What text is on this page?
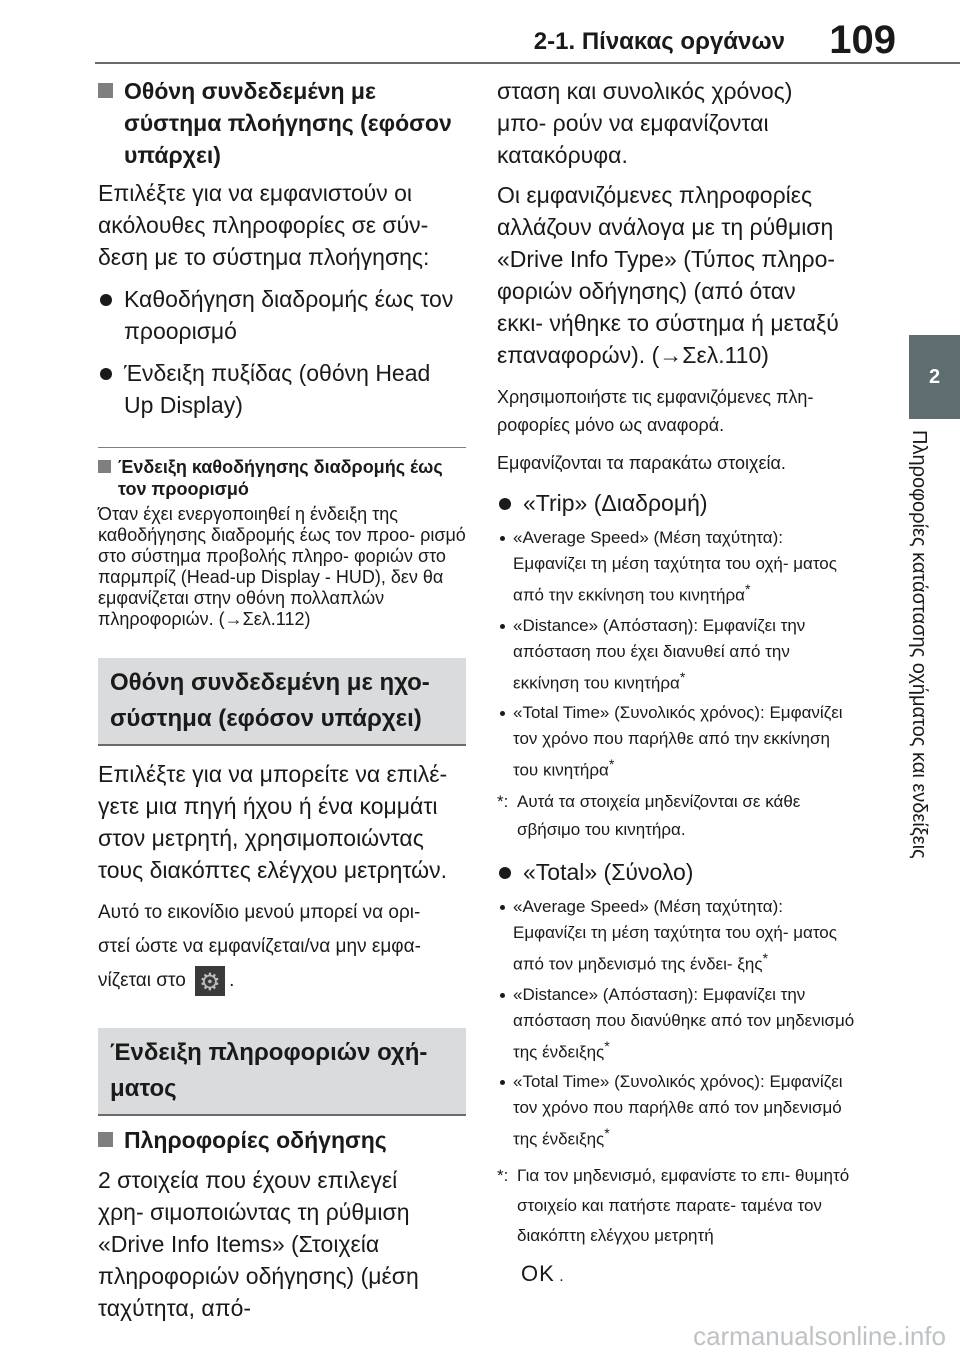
2-1. Πίνακας οργάνων 109
2
Πληροφορίες κατάστασης οχήματος και ενδείξεις
Οθόνη συνδεδεμένη με
σύστημα πλοήγησης (εφόσον
υπάρχει)

Επιλέξτε για να εμφανιστούν οι ακόλουθες πληροφορίες σε σύν- δεση με το σύστημα πλοήγησης:

Καθοδήγηση διαδρομής έως τον προορισμό
Ένδειξη πυξίδας (οθόνη Head Up Display)
Ένδειξη καθοδήγησης διαδρομής έως τον προορισμό

Όταν έχει ενεργοποιηθεί η ένδειξη της καθοδήγησης διαδρομής έως τον προο- ρισμό στο σύστημα προβολής πληρο- φοριών στο παρμπρίζ (Head-up Display - HUD), δεν θα εμφανίζεται στην οθόνη πολλαπλών πληροφοριών. (→Σελ.112)

Οθόνη συνδεδεμένη με ηχο-
σύστημα (εφόσον υπάρχει)

Επιλέξτε για να μπορείτε να επιλέ- γετε μια πηγή ήχου ή ένα κομμάτι στον μετρητή, χρησιμοποιώντας τους διακόπτες ελέγχου μετρητών.

Αυτό το εικονίδιο μενού μπορεί να ορι- στεί ώστε να εμφανίζεται/να μην εμφα- νίζεται στο ⚙ .

Ένδειξη πληροφοριών οχή-
ματος
Πληροφορίες οδήγησης

2 στοιχεία που έχουν επιλεγεί χρη- σιμοποιώντας τη ρύθμιση «Drive Info Items» (Στοιχεία πληροφοριών οδήγησης) (μέση ταχύτητα, από-

σταση και συνολικός χρόνος) μπο- ρούν να εμφανίζονται κατακόρυφα.

Οι εμφανιζόμενες πληροφορίες αλλάζουν ανάλογα με τη ρύθμιση «Drive Info Type» (Τύπος πληρο- φοριών οδήγησης) (από όταν εκκι- νήθηκε το σύστημα ή μεταξύ επαναφορών). (→Σελ.110)

Χρησιμοποιήστε τις εμφανιζόμενες πλη- ροφορίες μόνο ως αναφορά.

Εμφανίζονται τα παρακάτω στοιχεία.

«Trip» (Διαδρομή)
«Average Speed» (Μέση ταχύτητα): Εμφανίζει τη μέση ταχύτητα του οχή- ματος από την εκκίνηση του κινητήρα*
«Distance» (Απόσταση): Εμφανίζει την απόσταση που έχει διανυθεί από την εκκίνηση του κινητήρα*
«Total Time» (Συνολικός χρόνος): Εμφανίζει τον χρόνο που παρήλθε από την εκκίνηση του κινητήρα*
*: Αυτά τα στοιχεία μηδενίζονται σε κάθε σβήσιμο του κινητήρα.
«Total» (Σύνολο)
«Average Speed» (Μέση ταχύτητα): Εμφανίζει τη μέση ταχύτητα του οχή- ματος από τον μηδενισμό της ένδει- ξης*
«Distance» (Απόσταση): Εμφανίζει την απόσταση που διανύθηκε από τον μηδενισμό της ένδειξης*
«Total Time» (Συνολικός χρόνος): Εμφανίζει τον χρόνο που παρήλθε από τον μηδενισμό της ένδειξης*
*: Για τον μηδενισμό, εμφανίστε το επι- θυμητό στοιχείο και πατήστε παρατε- ταμένα τον διακόπτη ελέγχου μετρητή
OK .
carmanualsonline.info
